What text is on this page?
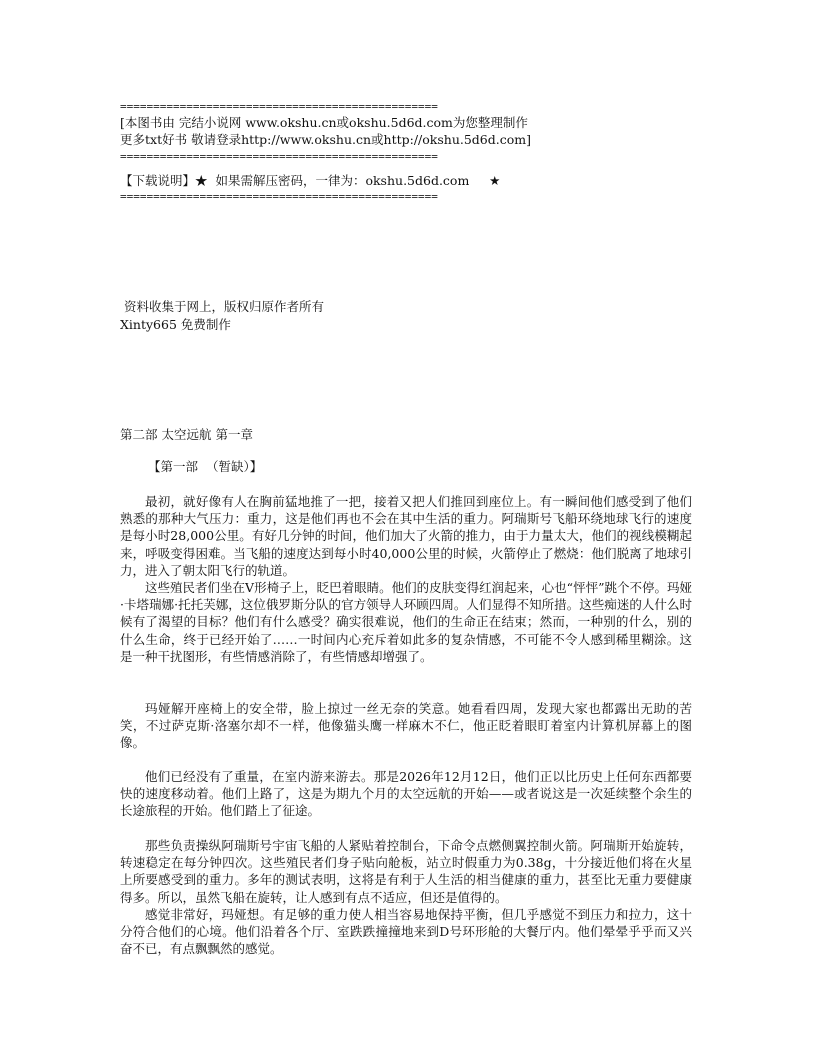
================================================
[本图书由 完结小说网 www.okshu.cn或okshu.5d6d.com为您整理制作
更多txt好书 敬请登录http://www.okshu.cn或http://okshu.5d6d.com]
================================================
【下载说明】★  如果需解压密码，一律为：okshu.5d6d.com     ★
================================================
资料收集于网上，版权归原作者所有
Xinty665 免费制作
第二部 太空远航 第一章
【第一部  （暂缺）】
最初，就好像有人在胸前猛地推了一把，接着又把人们推回到座位上。有一瞬间他们感受到了他们熟悉的那种大气压力：重力，这是他们再也不会在其中生活的重力。阿瑞斯号飞船环绕地球飞行的速度是每小时28,000公里。有好几分钟的时间，他们加大了火箭的推力，由于力量太大，他们的视线模糊起来，呼吸变得困难。当飞船的速度达到每小时40,000公里的时候，火箭停止了燃烧：他们脱离了地球引力，进入了朝太阳飞行的轨道。
这些殖民者们坐在V形椅子上，眨巴着眼睛。他们的皮肤变得红润起来，心也“怦怦”跳个不停。玛娅·卡塔瑞娜·托托芙娜，这位俄罗斯分队的官方领导人环顾四周。人们显得不知所措。这些痴迷的人什么时候有了渴望的目标？他们有什么感受？确实很难说，他们的生命正在结束；然而，一种别的什么，别的什么生命，终于已经开始了……一时间内心充斥着如此多的复杂情感，不可能不令人感到稀里糊涂。这是一种干扰图形，有些情感消除了，有些情感却增强了。
玛娅解开座椅上的安全带，脸上掠过一丝无奈的笑意。她看看四周，发现大家也都露出无助的苦笑，不过萨克斯·洛塞尔却不一样，他像猫头鹰一样麻木不仁，他正眨着眼盯着室内计算机屏幕上的图像。
他们已经没有了重量，在室内游来游去。那是2026年12月12日，他们正以比历史上任何东西都要快的速度移动着。他们上路了，这是为期九个月的太空远航的开始——或者说这是一次延续整个余生的长途旅程的开始。他们踏上了征途。
那些负责操纵阿瑞斯号宇宙飞船的人紧贴着控制台，下命令点燃侧翼控制火箭。阿瑞斯开始旋转，转速稳定在每分钟四次。这些殖民者们身子贴向舱板，站立时假重力为0.38g，十分接近他们将在火星上所要感受到的重力。多年的测试表明，这将是有利于人生活的相当健康的重力，甚至比无重力要健康得多。所以，虽然飞船在旋转，让人感到有点不适应，但还是值得的。
感觉非常好，玛娅想。有足够的重力使人相当容易地保持平衡，但几乎感觉不到压力和拉力，这十分符合他们的心境。他们沿着各个厅、室跌跌撞撞地来到D号环形舱的大餐厅内。他们晕晕乎乎而又兴奋不已，有点飘飘然的感觉。
